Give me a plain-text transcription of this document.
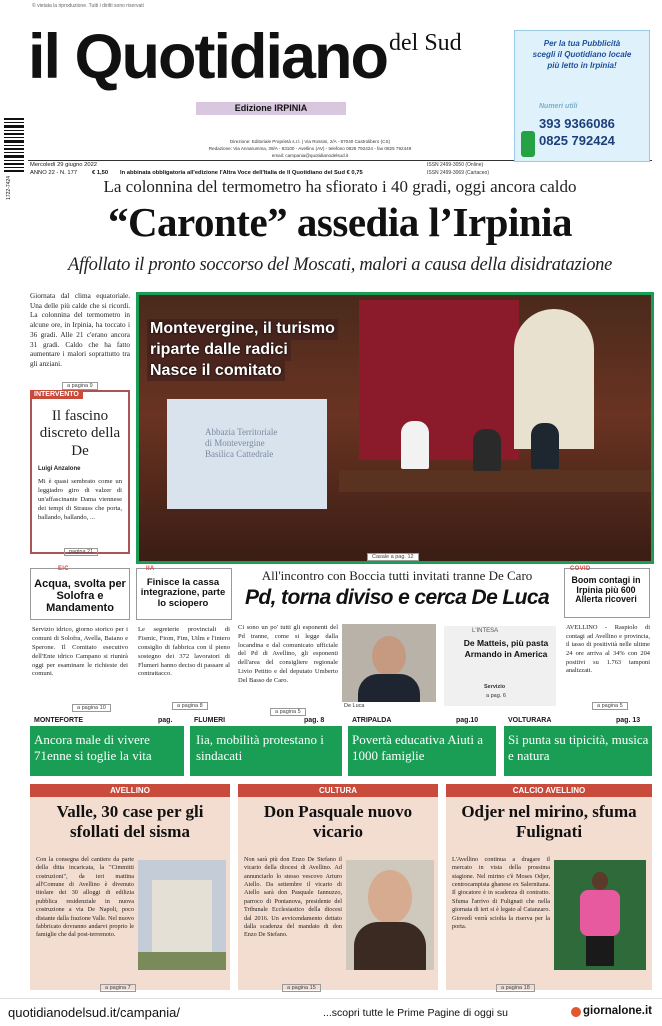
© vietata la riproduzione. Tutti i diritti sono riservati
1722-7424
il Quotidiano del Sud
Edizione IRPINIA
Direzione: Editoriale Proprietà s.r.l. | Via Rossini, 2/A - 87040 Castrolibero (CS)
Redazione: Via Annarumma, 39/A - 83100 - Avellino (AV) - telefono 0825 792424 - fax 0825 792449
email: campania@quotidianodelsud.it
Mercoledì 29 giugno 2022
ANNO 22 - N. 177	€ 1,50 In abbinata obbligatoria all'edizione l'Altra Voce dell'Italia de Il Quotidiano del Sud € 0,75
ISSN 2499-3050 (Online)
ISSN 2499-3069 (Cartaceo)
Per la tua Pubblicità
scegli il Quotidiano locale
più letto in Irpinia!
Numeri utili
393 9366086
0825 792424
La colonnina del termometro ha sfiorato i 40 gradi, oggi ancora caldo
“Caronte” assedia l’Irpinia
Affollato il pronto soccorso del Moscati, malori a causa della disidratazione
Giornata dal clima equatoriale. Una delle più calde che si ricordi. La colonnina del termometro in alcune ore, in Irpinia, ha toccato i 36 gradi. Alle 21 c'erano ancora 31 gradi. Caldo che ha fatto aumentare i malori soprattutto tra gli anziani.
a pagina 9
INTERVENTO
Il fascino discreto della De
Luigi Anzalone
Mi è quasi sembrato come un leggiadro giro di valzer di un'affascinante Dama viennese dei tempi di Strauss che porta, ballando, ballando, ...
pagina 21
Abbazia Territoriale
di Montevergine
Basilica Cattedrale
Montevergine, il turismo
riparte dalle radici
Nasce il comitato
Casale a pag. 12
EIC
Acqua, svolta per Solofra e Mandamento
Servizio idrico, giorno storico per i comuni di Solofra, Avella, Baiano e Sperone. Il Comitato esecutivo dell'Ente idrico Campano si riunirà oggi per esaminare le richieste dei comuni.
a pagina 10
IIA
Finisce la cassa integrazione, parte lo sciopero
Le segreterie provinciali di Fismic, Fiom, Fim, Uilm e l'intero consiglio di fabbrica con il pieno sostegno dei 372 lavoratori di Flumeri hanno deciso di passare al contrattacco.
a pagina 8
All'incontro con Boccia tutti invitati tranne De Caro
Pd, torna diviso e cerca De Luca
Ci sono un po' tutti gli esponenti del Pd tranne, come si legge dalla locandina e dal comunicato ufficiale del Pd di Avellino, gli esponenti dell'area del consigliere regionale Livio Petitto e del deputato Umberto Del Basso de Caro.
a pagina 5
De Luca
L'INTESA
De Matteis, più pasta Armando in America
Servizio
a pag. 6
COVID
Boom contagi in Irpinia più 600 Allerta ricoveri
AVELLINO - Raspiolo di contagi ad Avellino e provincia, il tasso di positività nelle ultime 24 ore arriva al 34% con 204 positivi su 1.763 tamponi analizzati.
a pagina 5
MONTEFORTE	pag.
Ancora male di vivere 71enne si toglie la vita
FLUMERI	pag. 8
Iia, mobilità protestano i sindacati
ATRIPALDA	pag.10
Povertà educativa Aiuti a 1000 famiglie
VOLTURARA	pag. 13
Si punta su tipicità, musica e natura
AVELLINO
Valle, 30 case per gli sfollati del sisma
Con la consegna del cantiere da parte della ditta incaricata, la "Cimmitti costruzioni", da ieri mattina all'Comune di Avellino è divenuto titolare dei 30 alloggi di edilizia pubblica residenziale in nuova costruzione a via De Napoli, poco distante dalla frazione Valle. Nel nuovo fabbricato dovranno andarvi proprio le famiglie che dal post-terremoto.
a pagina 7
CULTURA
Don Pasquale nuovo vicario
Non sarà più don Enzo De Stefano il vicario della diocesi di Avellino. Ad annunciarlo lo stesso vescovo Arturo Aiello. Da settembre il vicario di Aiello sarà don Pasquale Iannuzzo, parroco di Pontanova, presidente del Tribunale Ecclesiastico della diocesi dal 2016. Un avvicendamento dettato dalla scadenza del mandato di don Enzo De Stefano.
a pagina 15
CALCIO AVELLINO
Odjer nel mirino, sfuma Fulignati
L'Avellino continua a dragare il mercato in vista della prossima stagione. Nel mirino c'è Moses Odjer, centrocampista ghanese ex Salernitana. Il giocatore è in scadenza di contratto. Sfuma l'arrivo di Fulignati che nella giornata di ieri si è legato al Catanzaro. Giovedì verrà sciolta la riserva per la porta.
a pagina 18
quotidianodelsud.it/campania/	...scopri tutte le Prime Pagine di oggi su	giornalone.it
